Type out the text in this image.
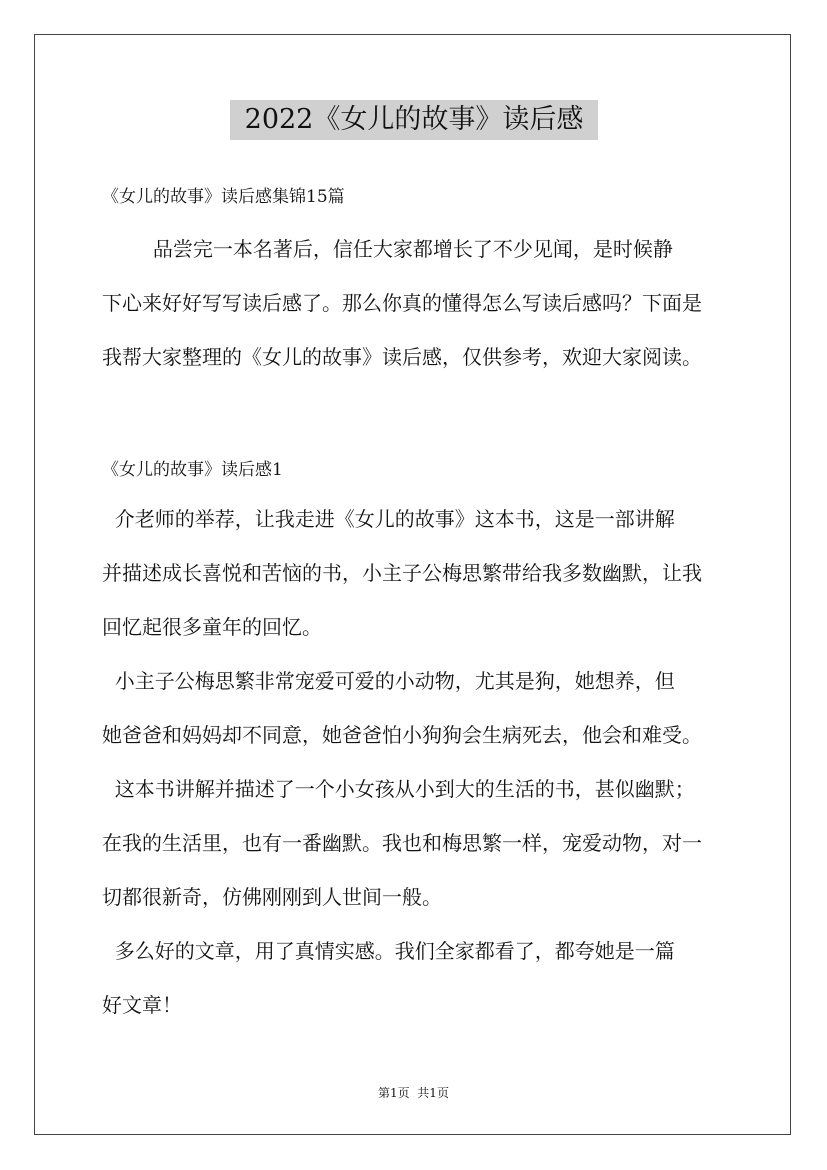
2022《女儿的故事》读后感
《女儿的故事》读后感集锦15篇
品尝完一本名著后，信任大家都增长了不少见闻，是时候静
下心来好好写写读后感了。那么你真的懂得怎么写读后感吗？下面是
我帮大家整理的《女儿的故事》读后感，仅供参考，欢迎大家阅读。
《女儿的故事》读后感1
介老师的举荐，让我走进《女儿的故事》这本书，这是一部讲解
并描述成长喜悦和苦恼的书，小主子公梅思繁带给我多数幽默，让我
回忆起很多童年的回忆。
小主子公梅思繁非常宠爱可爱的小动物，尤其是狗，她想养，但
她爸爸和妈妈却不同意，她爸爸怕小狗狗会生病死去，他会和难受。
这本书讲解并描述了一个小女孩从小到大的生活的书，甚似幽默；
在我的生活里，也有一番幽默。我也和梅思繁一样，宠爱动物，对一
切都很新奇，仿佛刚刚到人世间一般。
多么好的文章，用了真情实感。我们全家都看了，都夸她是一篇
好文章！
第1页  共1页
